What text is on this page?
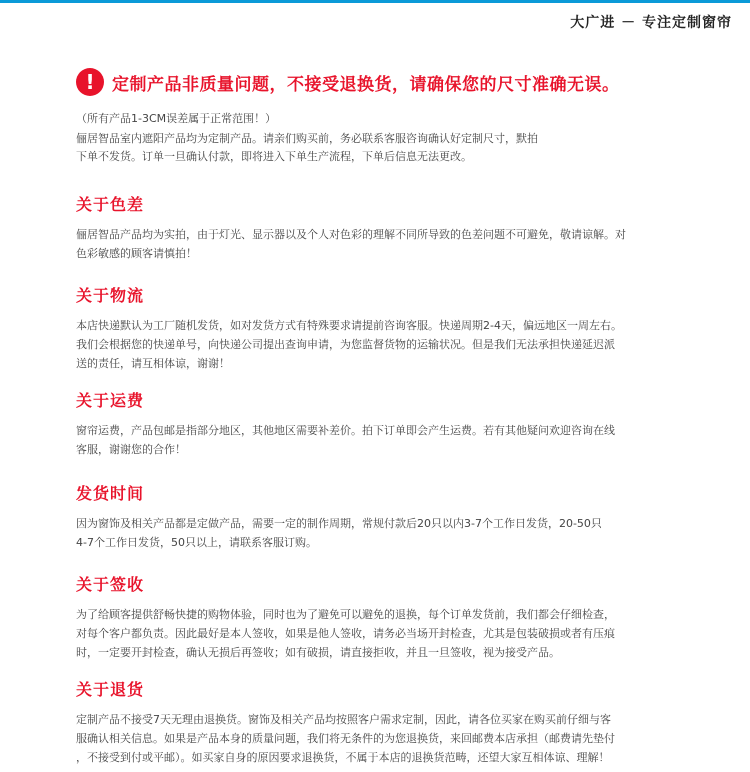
大广进 － 专注定制窗帘
!	定制产品非质量问题，不接受退换货，请确保您的尺寸准确无误。
（所有产品1-3CM误差属于正常范围！）
俪居智品室内遮阳产品均为定制产品。请亲们购买前，务必联系客服咨询确认好定制尺寸，默拍
下单不发货。订单一旦确认付款，即将进入下单生产流程，下单后信息无法更改。
关于色差

俪居智品产品均为实拍，由于灯光、显示器以及个人对色彩的理解不同所导致的色差问题不可避免，敬请谅解。对
色彩敏感的顾客请慎拍！

关于物流

本店快递默认为工厂随机发货，如对发货方式有特殊要求请提前咨询客服。快递周期2-4天，偏远地区一周左右。
我们会根据您的快递单号，向快递公司提出查询申请，为您监督货物的运输状况。但是我们无法承担快递延迟派
送的责任，请互相体谅，谢谢！

关于运费

窗帘运费，产品包邮是指部分地区，其他地区需要补差价。拍下订单即会产生运费。若有其他疑问欢迎咨询在线
客服，谢谢您的合作！

发货时间

因为窗饰及相关产品都是定做产品，需要一定的制作周期，常规付款后20只以内3-7个工作日发货，20-50只
4-7个工作日发货，50只以上，请联系客服订购。

关于签收

为了给顾客提供舒畅快捷的购物体验，同时也为了避免可以避免的退换，每个订单发货前，我们都会仔细检查，
对每个客户都负责。因此最好是本人签收，如果是他人签收，请务必当场开封检查，尤其是包装破损或者有压痕
时，一定要开封检查，确认无损后再签收；如有破损，请直接拒收，并且一旦签收，视为接受产品。

关于退货

定制产品不接受7天无理由退换货。窗饰及相关产品均按照客户需求定制，因此，请各位买家在购买前仔细与客
服确认相关信息。如果是产品本身的质量问题，我们将无条件的为您退换货，来回邮费本店承担（邮费请先垫付
，不接受到付或平邮）。如买家自身的原因要求退换货，不属于本店的退换货范畴，还望大家互相体谅、理解！
